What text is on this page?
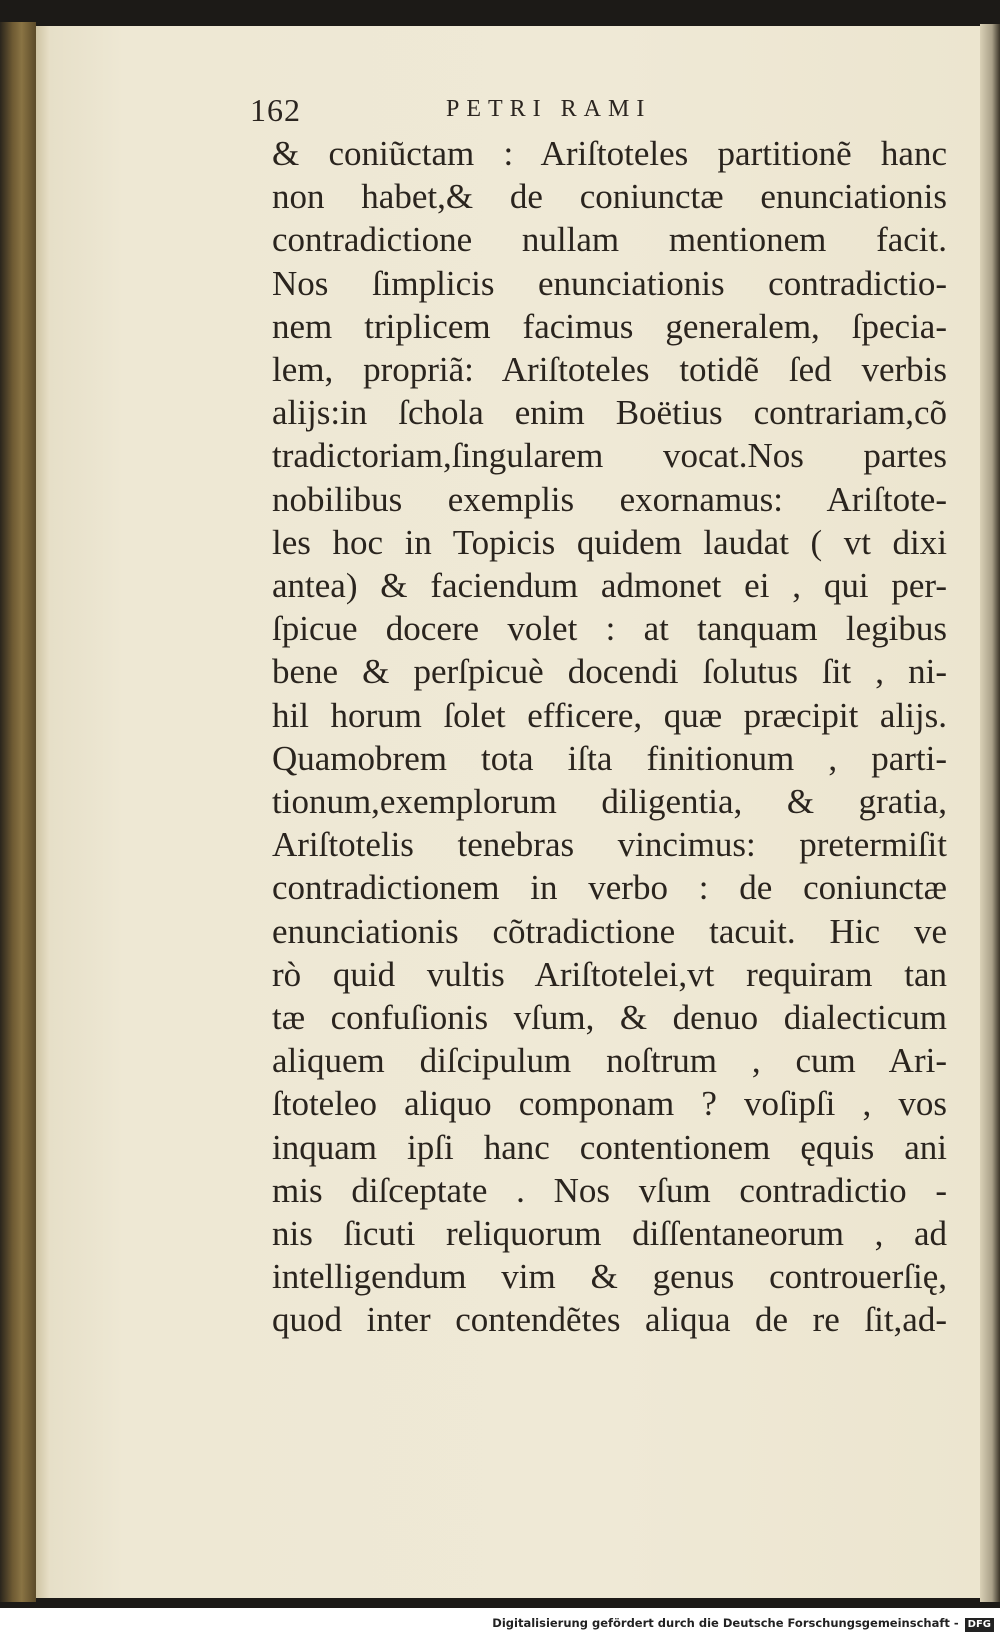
162	PETRI RAMI
& coniũctam : Ariſtoteles partitionẽ hanc
non habet,& de coniunctæ enunciationis
contradictione nullam mentionem facit.
Nos ſimplicis enunciationis contradictio-
nem triplicem facimus generalem, ſpecia-
lem, propriã: Ariſtoteles totidẽ ſed verbis
aliјs:in ſchola enim Boëtius contrariam,cõ
tradictoriam,ſingularem vocat.Nos partes
nobilibus exemplis exornamus: Ariſtote-
les hoc in Topicis quidem laudat ( vt dixi
antea) & faciendum admonet ei , qui per-
ſpicue docere volet : at tanquam legibus
bene & perſpicuè docendi ſolutus ſit , ni-
hil horum ſolet efficere, quæ præcipit aliјs.
Quamobrem tota iſta finitionum , parti-
tionum,exemplorum diligentia, & gratia,
Ariſtotelis tenebras vincimus: pretermiſit
contradictionem in verbo : de coniunctæ
enunciationis cõtradictione tacuit. Hic ve
rò quid vultis Ariſtotelei,vt requiram tan
tæ confuſionis vſum, & denuo dialecticum
aliquem diſcipulum noſtrum , cum Ari-
ſtoteleo aliquo componam ? voſipſi , vos
inquam ipſi hanc contentionem ęquis ani
mis diſceptate . Nos vſum contradictio -
nis ſicuti reliquorum diſſentaneorum , ad
intelligendum vim & genus controuerſię,
quod inter contendẽtes aliqua de re ſit,ad-
Digitalisierung gefördert durch die Deutsche Forschungsgemeinschaft - DFG
